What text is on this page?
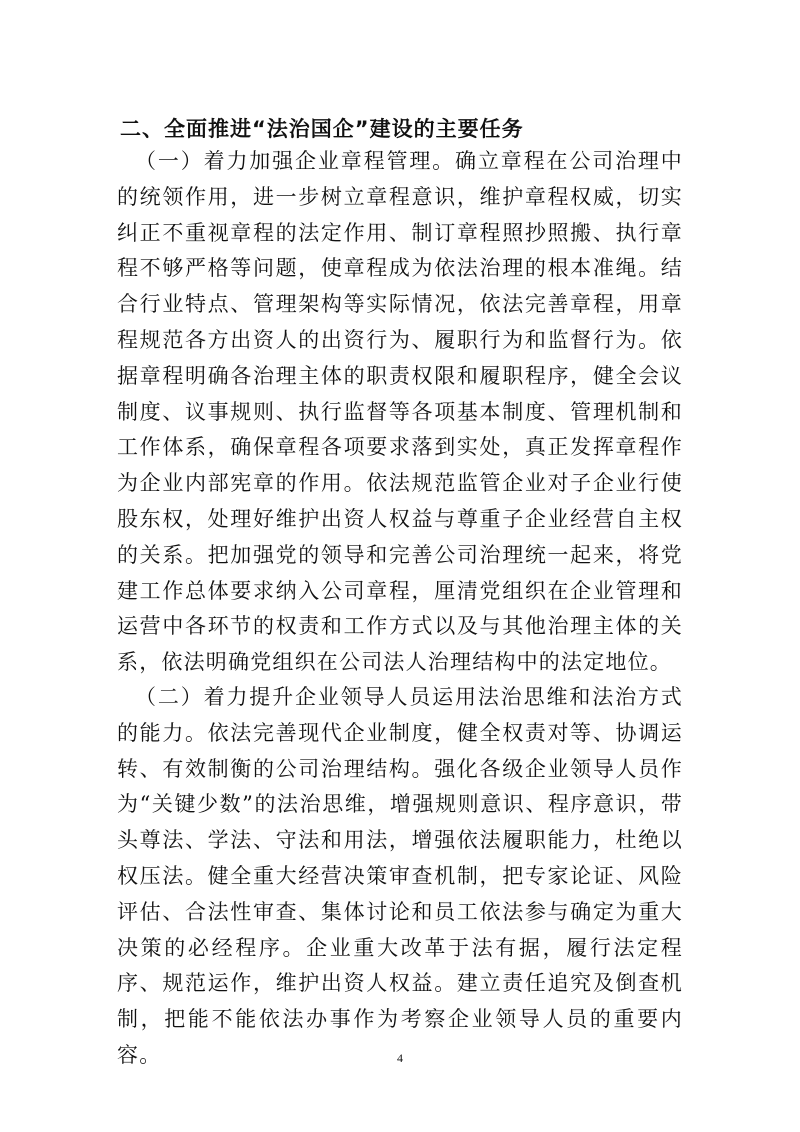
二、全面推进“法治国企”建设的主要任务

（一）着力加强企业章程管理。确立章程在公司治理中的统领作用，进一步树立章程意识，维护章程权威，切实纠正不重视章程的法定作用、制订章程照抄照搬、执行章程不够严格等问题，使章程成为依法治理的根本准绳。结合行业特点、管理架构等实际情况，依法完善章程，用章程规范各方出资人的出资行为、履职行为和监督行为。依据章程明确各治理主体的职责权限和履职程序，健全会议制度、议事规则、执行监督等各项基本制度、管理机制和工作体系，确保章程各项要求落到实处，真正发挥章程作为企业内部宪章的作用。依法规范监管企业对子企业行使股东权，处理好维护出资人权益与尊重子企业经营自主权的关系。把加强党的领导和完善公司治理统一起来，将党建工作总体要求纳入公司章程，厘清党组织在企业管理和运营中各环节的权责和工作方式以及与其他治理主体的关系，依法明确党组织在公司法人治理结构中的法定地位。

（二）着力提升企业领导人员运用法治思维和法治方式的能力。依法完善现代企业制度，健全权责对等、协调运转、有效制衡的公司治理结构。强化各级企业领导人员作为“关键少数”的法治思维，增强规则意识、程序意识，带头尊法、学法、守法和用法，增强依法履职能力，杜绝以权压法。健全重大经营决策审查机制，把专家论证、风险评估、合法性审查、集体讨论和员工依法参与确定为重大决策的必经程序。企业重大改革于法有据，履行法定程序、规范运作，维护出资人权益。建立责任追究及倒查机制，把能不能依法办事作为考察企业领导人员的重要内容。	4
